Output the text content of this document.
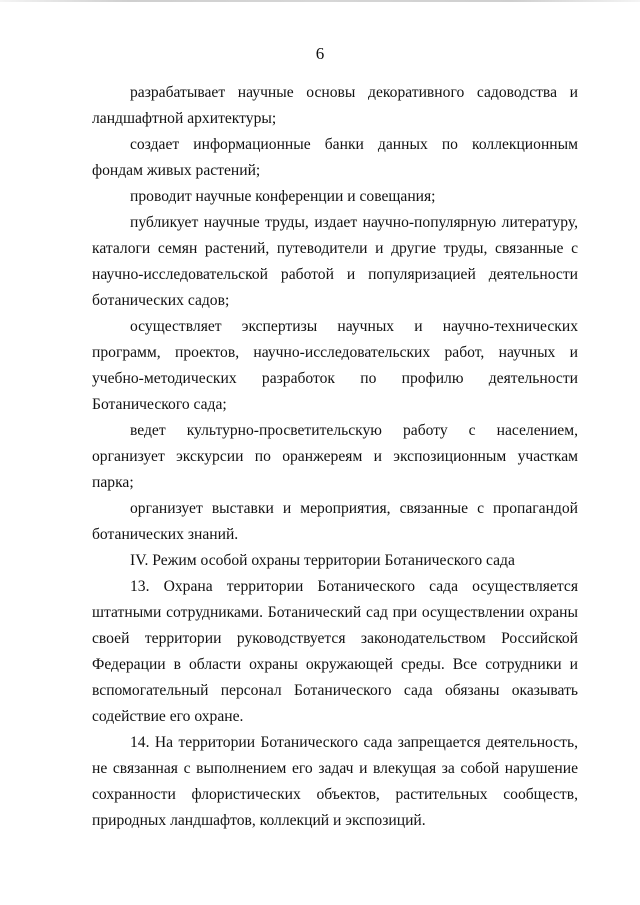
6

разрабатывает научные основы декоративного садоводства и ландшафтной архитектуры;

создает информационные банки данных по коллекционным фондам живых растений;

проводит научные конференции и совещания;

публикует научные труды, издает научно-популярную литературу, каталоги семян растений, путеводители и другие труды, связанные с научно-исследовательской работой и популяризацией деятельности ботанических садов;

осуществляет экспертизы научных и научно-технических программ, проектов, научно-исследовательских работ, научных и учебно-методических разработок по профилю деятельности Ботанического сада;

ведет культурно-просветительскую работу с населением, организует экскурсии по оранжереям и экспозиционным участкам парка;

организует выставки и мероприятия, связанные с пропагандой ботанических знаний.

IV. Режим особой охраны территории Ботанического сада

13. Охрана территории Ботанического сада осуществляется штатными сотрудниками. Ботанический сад при осуществлении охраны своей территории руководствуется законодательством Российской Федерации в области охраны окружающей среды. Все сотрудники и вспомогательный персонал Ботанического сада обязаны оказывать содействие его охране.

14. На территории Ботанического сада запрещается деятельность, не связанная с выполнением его задач и влекущая за собой нарушение сохранности флористических объектов, растительных сообществ, природных ландшафтов, коллекций и экспозиций.
